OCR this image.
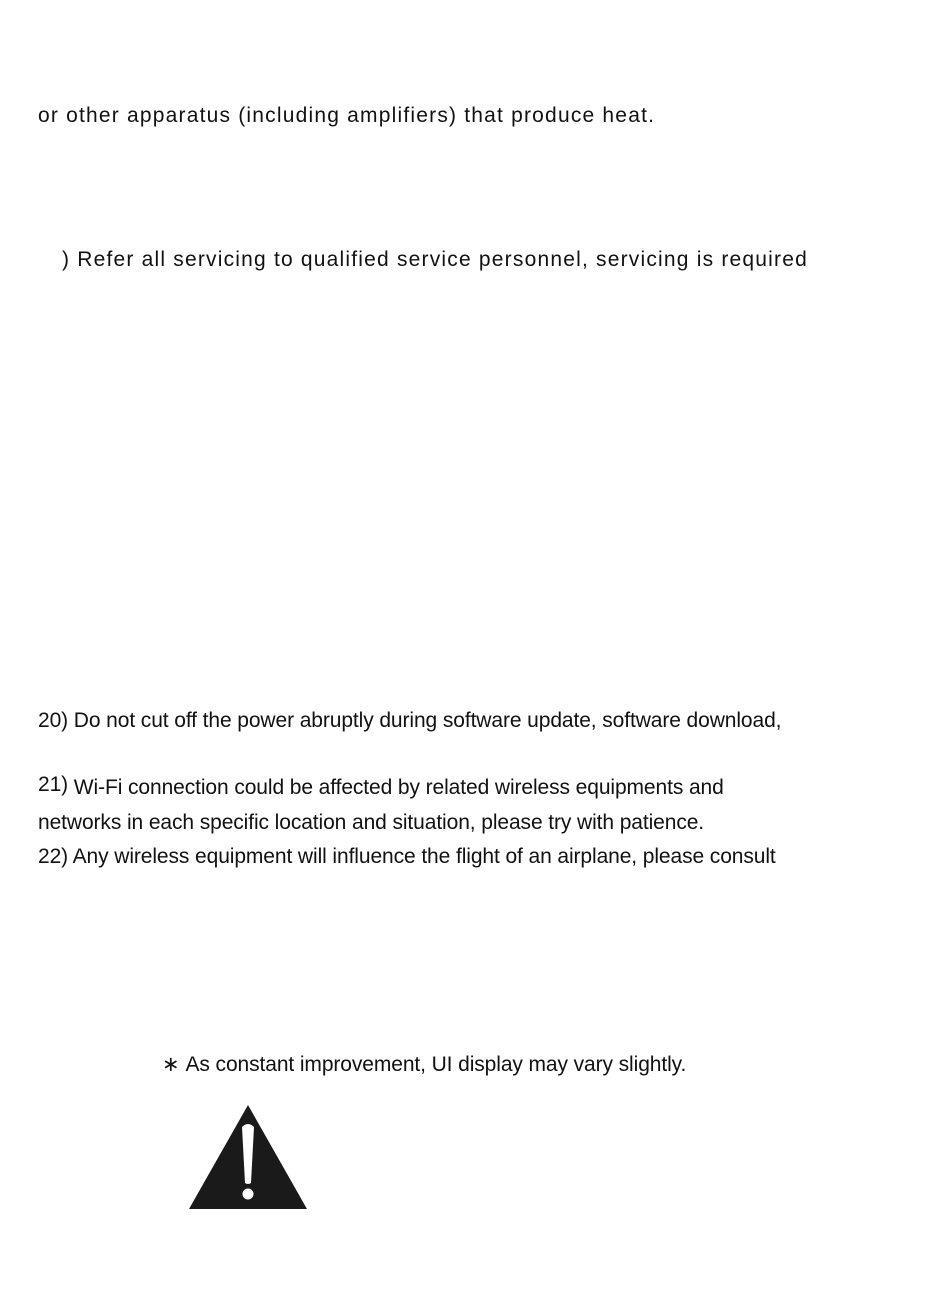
or other apparatus (including amplifiers) that produce heat.
) Refer all servicing to qualified service personnel, servicing is required
20) Do not cut off the power abruptly during software update, software download,
21) Wi-Fi connection could be affected by related wireless equipments and
networks in each specific location and situation, please try with patience.
22) Any wireless equipment will influence the flight of an airplane, please consult
∗ As constant improvement, UI display may vary slightly.
